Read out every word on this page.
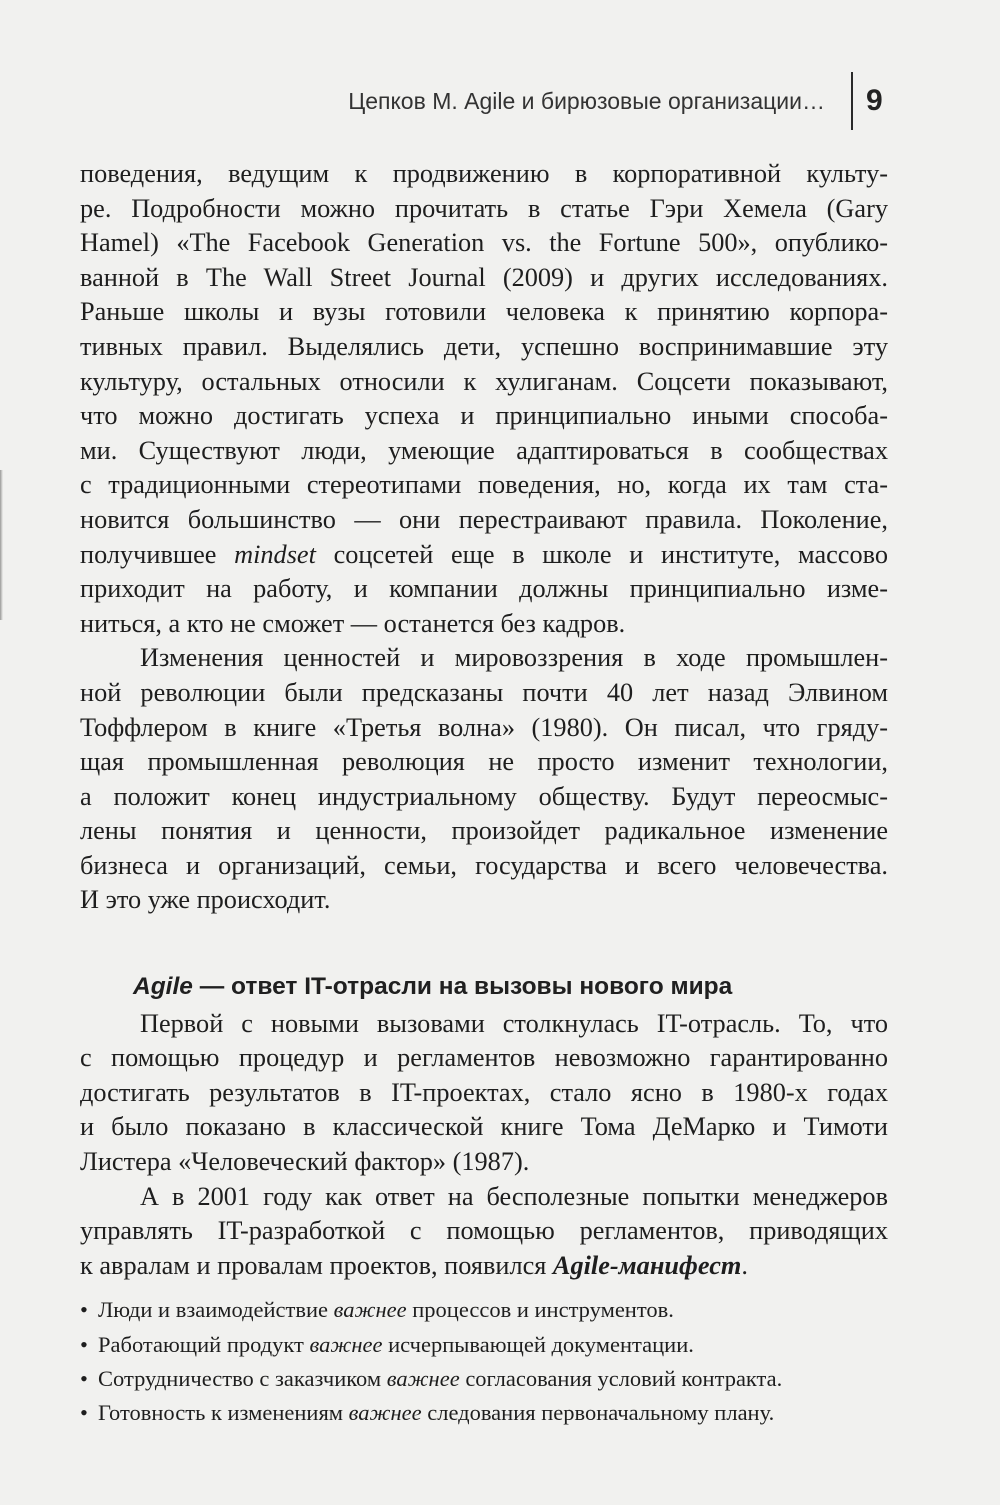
Цепков М. Agile и бирюзовые организации… 9
поведения, ведущим к продвижению в корпоративной культу-
ре. Подробности можно прочитать в статье Гэри Хемела (Gary
Hamel) «The Facebook Generation vs. the Fortune 500», опублико-
ванной в The Wall Street Journal (2009) и других исследованиях.
Раньше школы и вузы готовили человека к принятию корпора-
тивных правил. Выделялись дети, успешно воспринимавшие эту
культуру, остальных относили к хулиганам. Соцсети показывают,
что можно достигать успеха и принципиально иными способа-
ми. Существуют люди, умеющие адаптироваться в сообществах
с традиционными стереотипами поведения, но, когда их там ста-
новится большинство — они перестраивают правила. Поколение,
получившее mindset соцсетей еще в школе и институте, массово
приходит на работу, и компании должны принципиально изме-
ниться, а кто не сможет — останется без кадров.
Изменения ценностей и мировоззрения в ходе промышлен-
ной революции были предсказаны почти 40 лет назад Элвином
Тоффлером в книге «Третья волна» (1980). Он писал, что гряду-
щая промышленная революция не просто изменит технологии,
а положит конец индустриальному обществу. Будут переосмыс-
лены понятия и ценности, произойдет радикальное изменение
бизнеса и организаций, семьи, государства и всего человечества.
И это уже происходит.
Agile — ответ IT-отрасли на вызовы нового мира
Первой с новыми вызовами столкнулась IT-отрасль. То, что
с помощью процедур и регламентов невозможно гарантированно
достигать результатов в IT-проектах, стало ясно в 1980-х годах
и было показано в классической книге Тома ДеМарко и Тимоти
Листера «Человеческий фактор» (1987).
А в 2001 году как ответ на бесполезные попытки менеджеров
управлять IT-разработкой с помощью регламентов, приводящих
к авралам и провалам проектов, появился Agile-манифест.
• Люди и взаимодействие важнее процессов и инструментов.
• Работающий продукт важнее исчерпывающей документации.
• Сотрудничество с заказчиком важнее согласования условий контракта.
• Готовность к изменениям важнее следования первоначальному плану.
